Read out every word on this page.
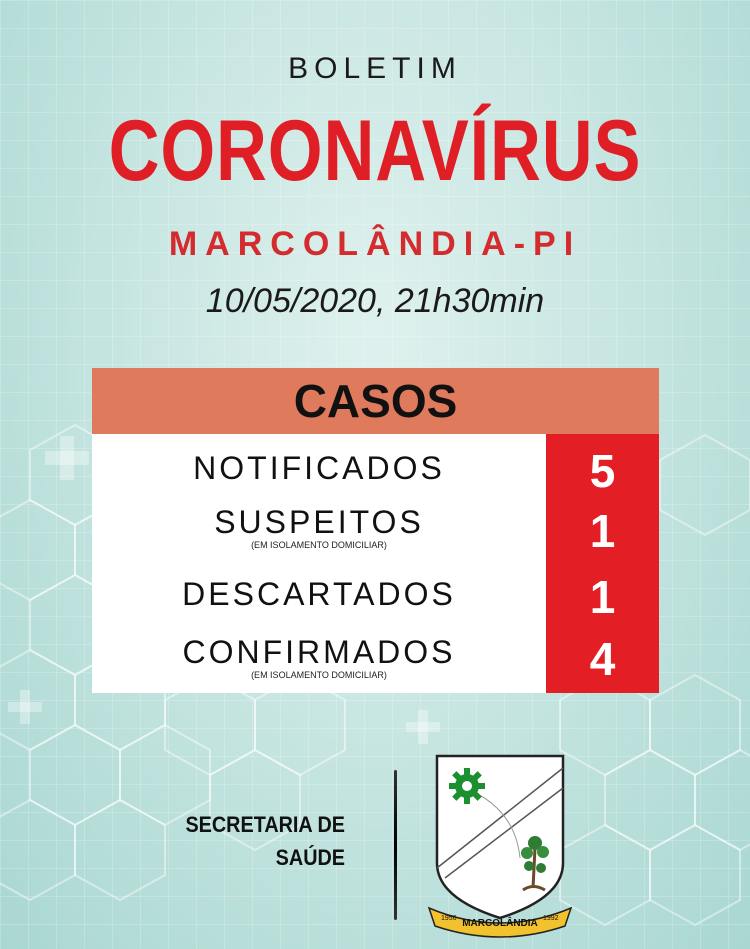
BOLETIM
CORONAVÍRUS
MARCOLÂNDIA-PI
10/05/2020, 21h30min
CASOS
NOTIFICADOS	5
SUSPEITOS
(EM ISOLAMENTO DOMICILIAR)	1
DESCARTADOS	1
CONFIRMADOS
(EM ISOLAMENTO DOMICILIAR)	4
SECRETARIA DE
SAÚDE
MARCOLÂNDIA
1956	1992
